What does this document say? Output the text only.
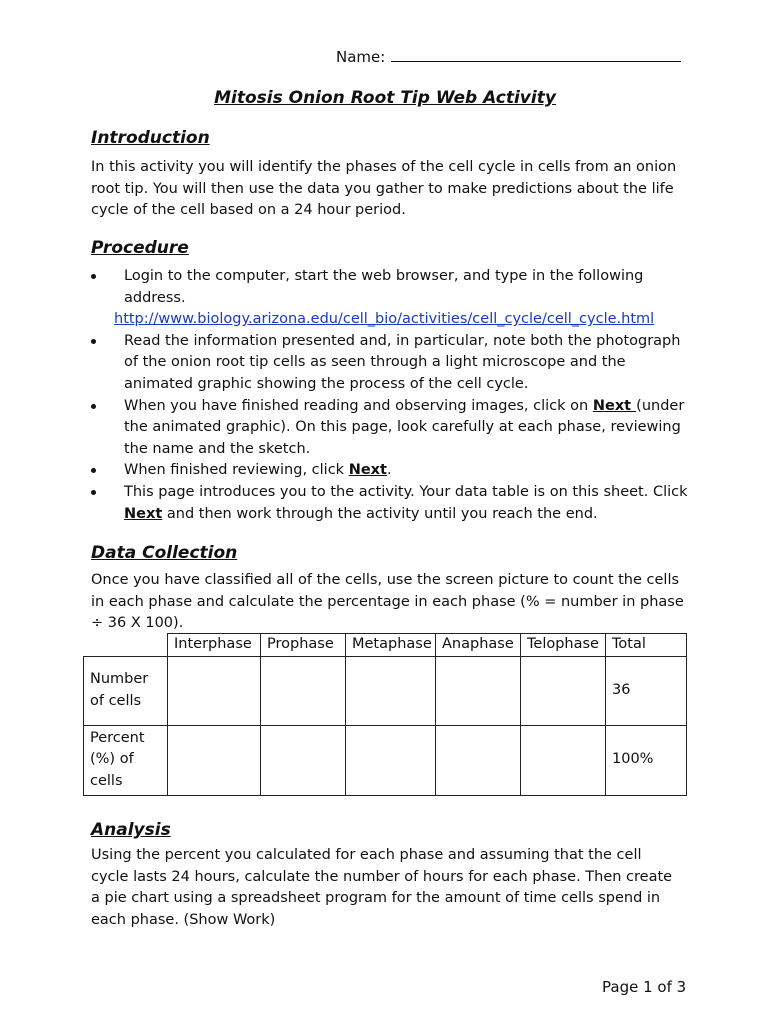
Name:
Mitosis Onion Root Tip Web Activity
Introduction

In this activity you will identify the phases of the cell cycle in cells from an onion root tip. You will then use the data you gather to make predictions about the life cycle of the cell based on a 24 hour period.

Procedure
Login to the computer, start the web browser, and type in the following address.
Read the information presented and, in particular, note both the photograph of the onion root tip cells as seen through a light microscope and the animated graphic showing the process of the cell cycle.
When you have finished reading and observing images, click on Next (under the animated graphic). On this page, look carefully at each phase, reviewing the name and the sketch.
When finished reviewing, click Next.
This page introduces you to the activity. Your data table is on this sheet. Click Next and then work through the activity until you reach the end.
http://www.biology.arizona.edu/cell_bio/activities/cell_cycle/cell_cycle.html
Data Collection

Once you have classified all of the cells, use the screen picture to count the cells in each phase and calculate the percentage in each phase (% = number in phase ÷ 36 X 100).

	Interphase	Prophase	Metaphase	Anaphase	Telophase	Total
Number of cells						36
Percent (%) of cells						100%
Analysis

Using the percent you calculated for each phase and assuming that the cell cycle lasts 24 hours, calculate the number of hours for each phase. Then create a pie chart using a spreadsheet program for the amount of time cells spend in each phase. (Show Work)

Page 1 of 3
